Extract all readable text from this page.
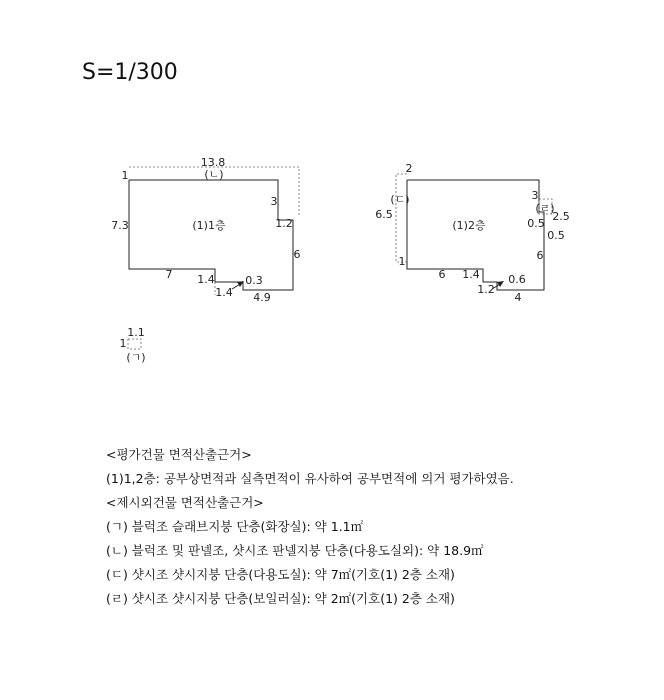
S=1/300
(1)1층
13.8
(ㄴ)
1
7.3
3
1.2
6
7 1.4	0.3
1.4 4.9
(1)2층
2
(ㄷ)
6.5
1
3
(ㄹ)
2.5
0.5
0.5
6
6 1.4	0.6
1.2
4
1.1
1
(ㄱ)
<평가건물 면적산출근거>
(1)1,2층: 공부상면적과 실측면적이 유사하여 공부면적에 의거 평가하였음.
<제시외건물 면적산출근거>
(ㄱ) 블럭조 슬래브지붕 단층(화장실): 약 1.1㎡
(ㄴ) 블럭조 및 판넬조, 샷시조 판넬지붕 단층(다용도실외): 약 18.9㎡
(ㄷ) 샷시조 샷시지붕 단층(다용도실): 약 7㎡(기호(1) 2층 소재)
(ㄹ) 샷시조 샷시지붕 단층(보일러실): 약 2㎡(기호(1) 2층 소재)
